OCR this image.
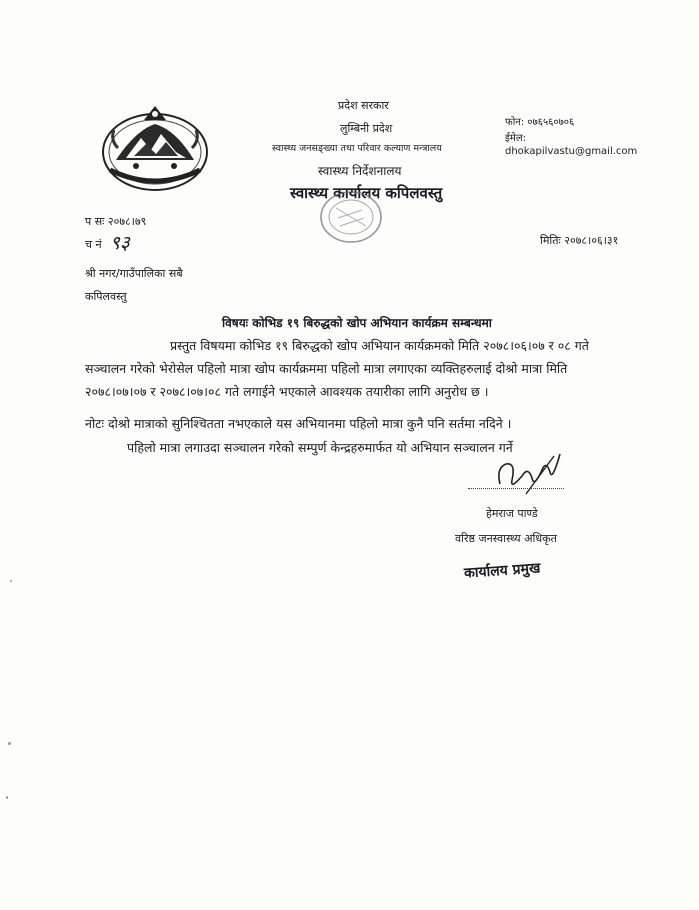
प्रदेश सरकार
लुम्बिनी प्रदेश
स्वास्थ्य जनसङ्ख्या तथा परिवार कल्याण मन्त्रालय
स्वास्थ्य निर्देशनालय
स्वास्थ्य कार्यालय कपिलवस्तु
फोन: ०७६५६०७०६
ईमेल:
dhokapilvastu@gmail.com
प सः २०७८।७९
च नं ९३	मितिः २०७८।०६।३१
श्री नगर/गाउँपालिका सबै
कपिलवस्तु
विषयः कोभिड १९ बिरुद्धको खोप अभियान कार्यक्रम सम्बन्धमा
प्रस्तुत विषयमा कोभिड १९ बिरुद्धको खोप अभियान कार्यक्रमको मिति २०७८।०६।०७ र ०८ गते
सञ्चालन गरेको भेरोसेल पहिलो मात्रा खोप कार्यक्रममा पहिलो मात्रा लगाएका व्यक्तिहरुलाई दोश्रो मात्रा मिति
२०७८।०७।०७ र २०७८।०७।०८ गते लगाईने भएकाले आवश्यक तयारीका लागि अनुरोध छ ।
नोटः दोश्रो मात्राको सुनिश्चितता नभएकाले यस अभियानमा पहिलो मात्रा कुनै पनि सर्तमा नदिने ।
पहिलो मात्रा लगाउदा सञ्चालन गरेको सम्पुर्ण केन्द्रहरुमार्फत यो अभियान सञ्चालन गर्ने
हेमराज पाण्डे
वरिष्ठ जनस्वास्थ्य अधिकृत
कार्यालय प्रमुख
